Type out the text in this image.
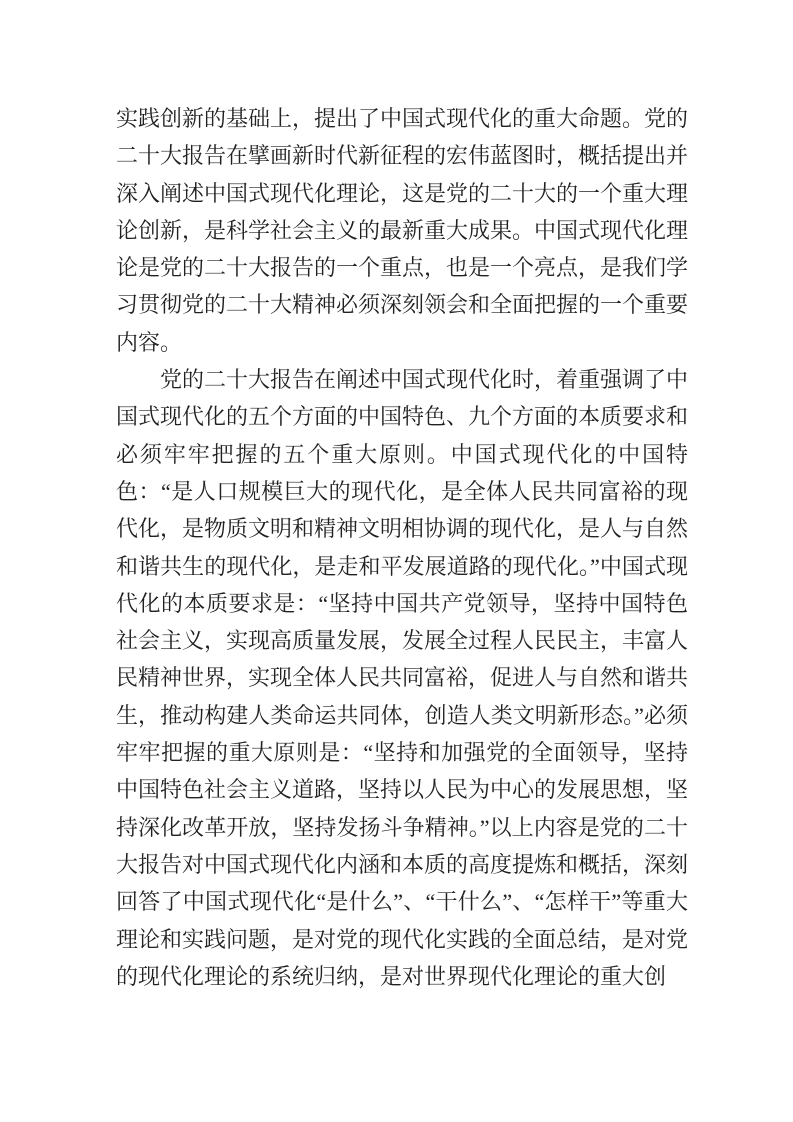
实践创新的基础上，提出了中国式现代化的重大命题。党的二十大报告在擘画新时代新征程的宏伟蓝图时，概括提出并深入阐述中国式现代化理论，这是党的二十大的一个重大理论创新，是科学社会主义的最新重大成果。中国式现代化理论是党的二十大报告的一个重点，也是一个亮点，是我们学习贯彻党的二十大精神必须深刻领会和全面把握的一个重要内容。

党的二十大报告在阐述中国式现代化时，着重强调了中国式现代化的五个方面的中国特色、九个方面的本质要求和必须牢牢把握的五个重大原则。中国式现代化的中国特色：“是人口规模巨大的现代化，是全体人民共同富裕的现代化，是物质文明和精神文明相协调的现代化，是人与自然和谐共生的现代化，是走和平发展道路的现代化。”中国式现代化的本质要求是：“坚持中国共产党领导，坚持中国特色社会主义，实现高质量发展，发展全过程人民民主，丰富人民精神世界，实现全体人民共同富裕，促进人与自然和谐共生，推动构建人类命运共同体，创造人类文明新形态。”必须牢牢把握的重大原则是：“坚持和加强党的全面领导，坚持中国特色社会主义道路，坚持以人民为中心的发展思想，坚持深化改革开放，坚持发扬斗争精神。”以上内容是党的二十大报告对中国式现代化内涵和本质的高度提炼和概括，深刻回答了中国式现代化“是什么”、“干什么”、“怎样干”等重大理论和实践问题，是对党的现代化实践的全面总结，是对党的现代化理论的系统归纳，是对世界现代化理论的重大创
